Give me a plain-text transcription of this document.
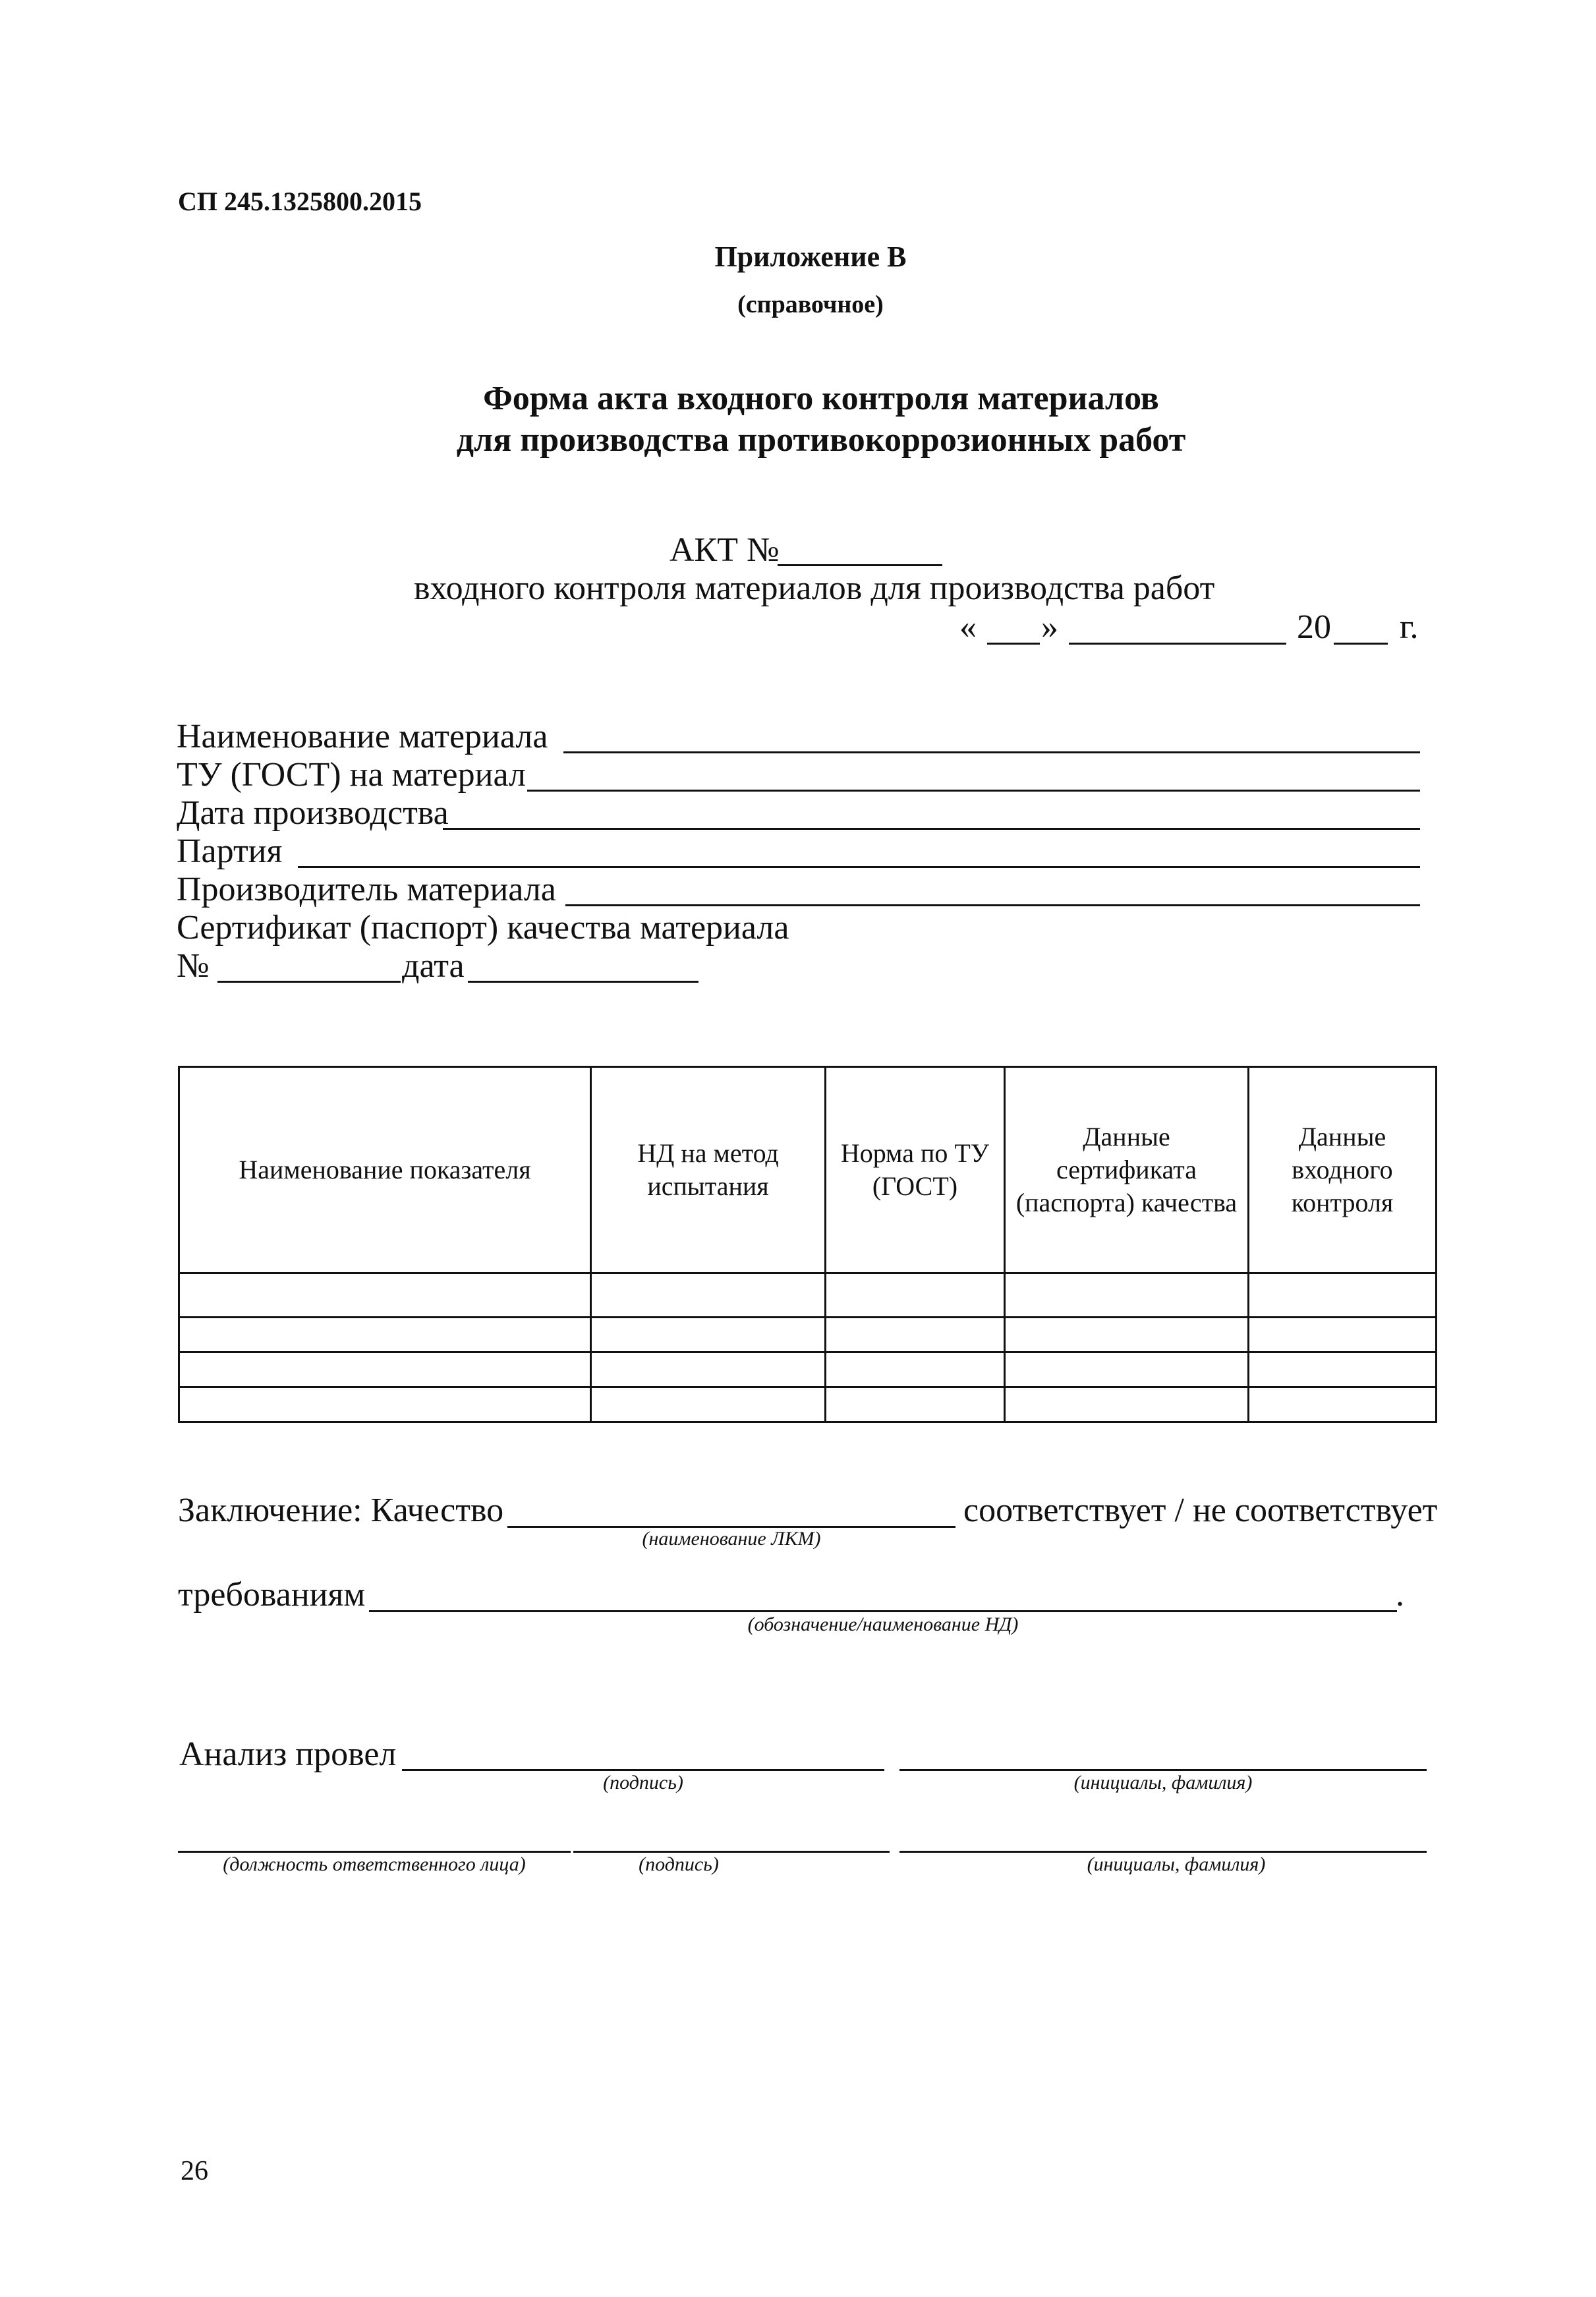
СП 245.1325800.2015
Приложение В
(справочное)
Форма акта входного контроля материалов
для производства противокоррозионных работ
АКТ №
входного контроля материалов для производства работ
« »	20 г.
Наименование материала
ТУ (ГОСТ) на материал
Дата производства
Партия
Производитель материала
Сертификат (паспорт) качества материала
№	дата
Наименование показателя	НД на метод испытания	Норма по ТУ (ГОСТ)	Данные сертификата (паспорта) качества	Данные входного контроля

Заключение: Качество	соответствует / не соответствует
(наименование ЛКМ)
требованиям	.
(обозначение/наименование НД)
Анализ провел
(подпись)	(инициалы, фамилия)
(должность ответственного лица)	(подпись)	(инициалы, фамилия)
26
